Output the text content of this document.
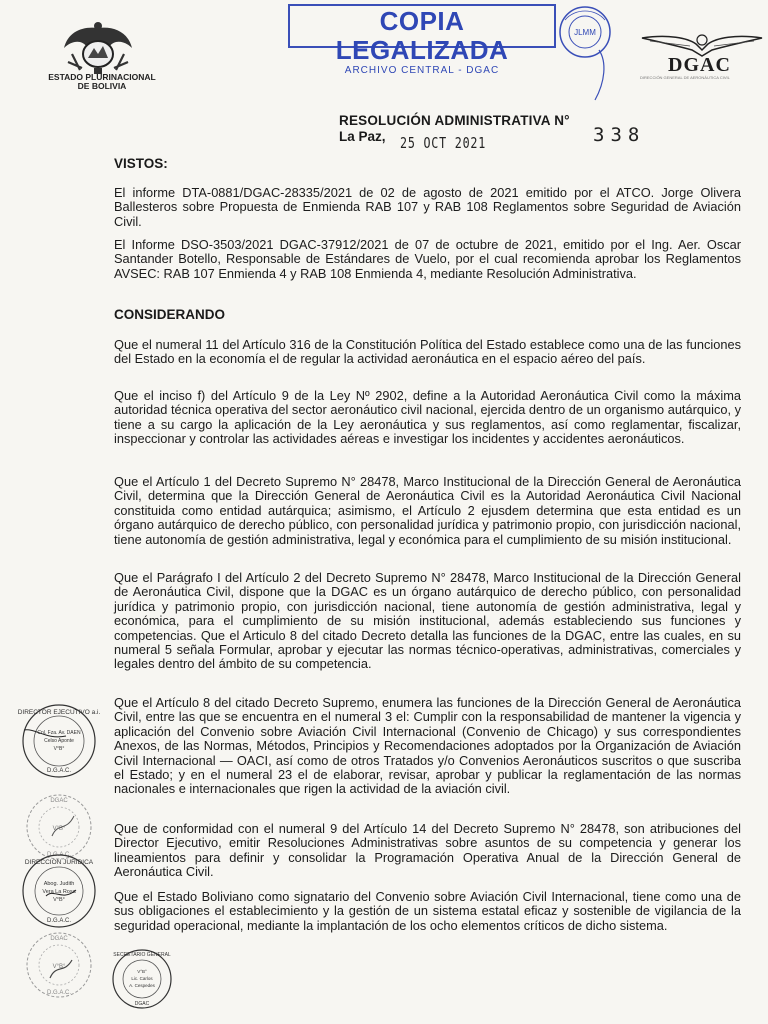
ESTADO PLURINACIONAL
DE BOLIVIA
COPIA LEGALIZADA
ARCHIVO CENTRAL - DGAC
JLMM
DGAC
DIRECCIÓN GENERAL DE AERONÁUTICA CIVIL
RESOLUCIÓN ADMINISTRATIVA N°
La Paz, 25 OCT 2021	338
VISTOS:
El informe DTA-0881/DGAC-28335/2021 de 02 de agosto de 2021 emitido por el ATCO. Jorge Olivera Ballesteros sobre Propuesta de Enmienda RAB 107 y RAB 108 Reglamentos sobre Seguridad de Aviación Civil.
El Informe DSO-3503/2021 DGAC-37912/2021 de 07 de octubre de 2021, emitido por el Ing. Aer. Oscar Santander Botello, Responsable de Estándares de Vuelo, por el cual recomienda aprobar los Reglamentos AVSEC: RAB 107 Enmienda 4 y RAB 108 Enmienda 4, mediante Resolución Administrativa.
CONSIDERANDO
Que el numeral 11 del Artículo 316 de la Constitución Política del Estado establece como una de las funciones del Estado en la economía el de regular la actividad aeronáutica en el espacio aéreo del país.
Que el inciso f) del Artículo 9 de la Ley Nº 2902, define a la Autoridad Aeronáutica Civil como la máxima autoridad técnica operativa del sector aeronáutico civil nacional, ejercida dentro de un organismo autárquico, y tiene a su cargo la aplicación de la Ley aeronáutica y sus reglamentos, así como reglamentar, fiscalizar, inspeccionar y controlar las actividades aéreas e investigar los incidentes y accidentes aeronáuticos.
Que el Artículo 1 del Decreto Supremo N° 28478, Marco Institucional de la Dirección General de Aeronáutica Civil, determina que la Dirección General de Aeronáutica Civil es la Autoridad Aeronáutica Civil Nacional constituida como entidad autárquica; asimismo, el Artículo 2 ejusdem determina que esta entidad es un órgano autárquico de derecho público, con personalidad jurídica y patrimonio propio, con jurisdicción nacional, tiene autonomía de gestión administrativa, legal y económica para el cumplimiento de su misión institucional.
Que el Parágrafo I del Artículo 2 del Decreto Supremo N° 28478, Marco Institucional de la Dirección General de Aeronáutica Civil, dispone que la DGAC es un órgano autárquico de derecho público, con personalidad jurídica y patrimonio propio, con jurisdicción nacional, tiene autonomía de gestión administrativa, legal y económica, para el cumplimiento de su misión institucional, además estableciendo sus funciones y competencias. Que el Articulo 8 del citado Decreto detalla las funciones de la DGAC, entre las cuales, en su numeral 5 señala Formular, aprobar y ejecutar las normas técnico-operativas, administrativas, comerciales y legales dentro del ámbito de su competencia.
Que el Artículo 8 del citado Decreto Supremo, enumera las funciones de la Dirección General de Aeronáutica Civil, entre las que se encuentra en el numeral 3 el: Cumplir con la responsabilidad de mantener la vigencia y aplicación del Convenio sobre Aviación Civil Internacional (Convenio de Chicago) y sus correspondientes Anexos, de las Normas, Métodos, Principios y Recomendaciones adoptados por la Organización de Aviación Civil Internacional — OACI, así como de otros Tratados y/o Convenios Aeronáuticos suscritos o que suscriba el Estado; y en el numeral 23 el de elaborar, revisar, aprobar y publicar la reglamentación de las normas nacionales e internacionales que rigen la actividad de la aviación civil.
Que de conformidad con el numeral 9 del Artículo 14 del Decreto Supremo N° 28478, son atribuciones del Director Ejecutivo, emitir Resoluciones Administrativas sobre asuntos de su competencia y generar los lineamientos para definir y consolidar la Programación Operativa Anual de la Dirección General de Aeronáutica Civil.
Que el Estado Boliviano como signatario del Convenio sobre Aviación Civil Internacional, tiene como una de sus obligaciones el establecimiento y la gestión de un sistema estatal eficaz y sostenible de vigilancia de la seguridad operacional, mediante la implantación de los ocho elementos críticos de dicho sistema.
DIRECTOR EJECUTIVO a.i.
Cnl. Fza. Av. DAEN
Celso Aponte
V°B°
D.G.A.C.
DGAC
V°B°
D.G.A.C.
DIRECCION JURIDICA
Abog. Judith
Vera La Rosa
V°B°
D.G.A.C.
DGAC
V°B°
D.G.A.C.
SECRETARIO GENERAL
V°B°
Lic. Carlos
A. Cespedes
DGAC
